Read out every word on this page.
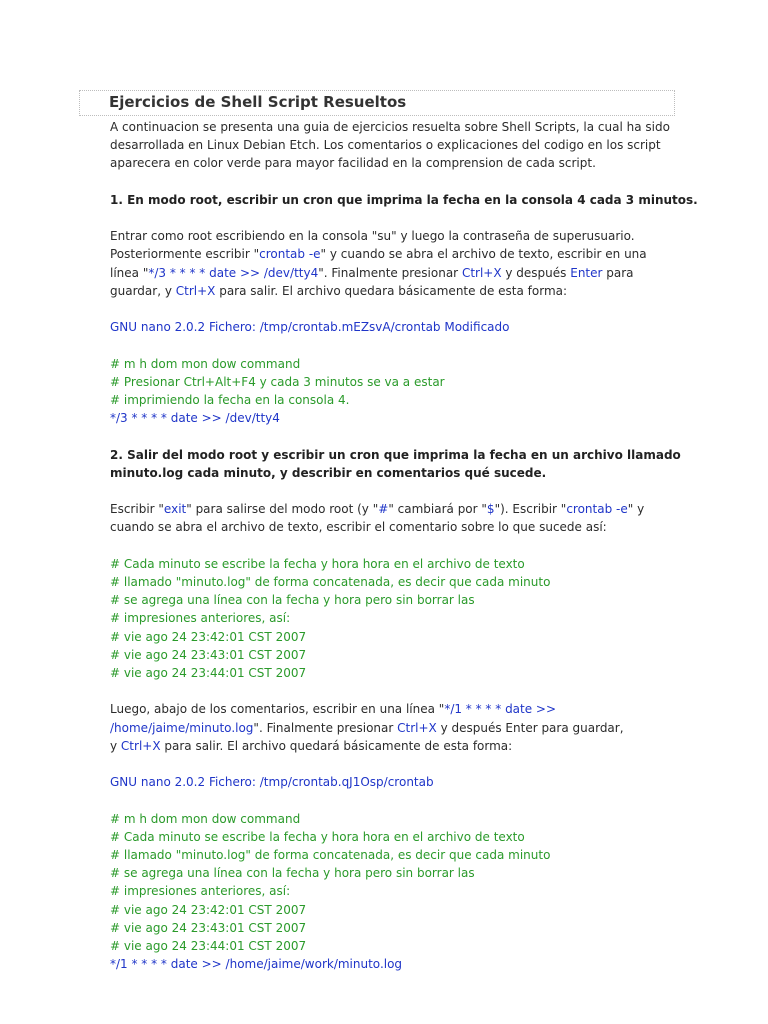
Ejercicios de Shell Script Resueltos

A continuacion se presenta una guia de ejercicios resuelta sobre Shell Scripts, la cual ha sido

desarrollada en Linux Debian Etch. Los comentarios o explicaciones del codigo en los script

aparecera en color verde para mayor facilidad en la comprension de cada script.

1. En modo root, escribir un cron que imprima la fecha en la consola 4 cada 3 minutos.

Entrar como root escribiendo en la consola "su" y luego la contraseña de superusuario.

Posteriormente escribir "crontab -e" y cuando se abra el archivo de texto, escribir en una

línea "*/3 * * * * date >> /dev/tty4". Finalmente presionar Ctrl+X y después Enter para

guardar, y Ctrl+X para salir. El archivo quedara básicamente de esta forma:

GNU nano 2.0.2 Fichero: /tmp/crontab.mEZsvA/crontab Modificado

# m h dom mon dow command

# Presionar Ctrl+Alt+F4 y cada 3 minutos se va a estar

# imprimiendo la fecha en la consola 4.

*/3 * * * * date >> /dev/tty4

2. Salir del modo root y escribir un cron que imprima la fecha en un archivo llamado

minuto.log cada minuto, y describir en comentarios qué sucede.

Escribir "exit" para salirse del modo root (y "#" cambiará por "$"). Escribir "crontab -e" y

cuando se abra el archivo de texto, escribir el comentario sobre lo que sucede así:

# Cada minuto se escribe la fecha y hora hora en el archivo de texto

# llamado "minuto.log" de forma concatenada, es decir que cada minuto

# se agrega una línea con la fecha y hora pero sin borrar las

# impresiones anteriores, así:

# vie ago 24 23:42:01 CST 2007

# vie ago 24 23:43:01 CST 2007

# vie ago 24 23:44:01 CST 2007

Luego, abajo de los comentarios, escribir en una línea "*/1 * * * * date >>

/home/jaime/minuto.log". Finalmente presionar Ctrl+X y después Enter para guardar,

y Ctrl+X para salir. El archivo quedará básicamente de esta forma:

GNU nano 2.0.2 Fichero: /tmp/crontab.qJ1Osp/crontab

# m h dom mon dow command

# Cada minuto se escribe la fecha y hora hora en el archivo de texto

# llamado "minuto.log" de forma concatenada, es decir que cada minuto

# se agrega una línea con la fecha y hora pero sin borrar las

# impresiones anteriores, así:

# vie ago 24 23:42:01 CST 2007

# vie ago 24 23:43:01 CST 2007

# vie ago 24 23:44:01 CST 2007

*/1 * * * * date >> /home/jaime/work/minuto.log
